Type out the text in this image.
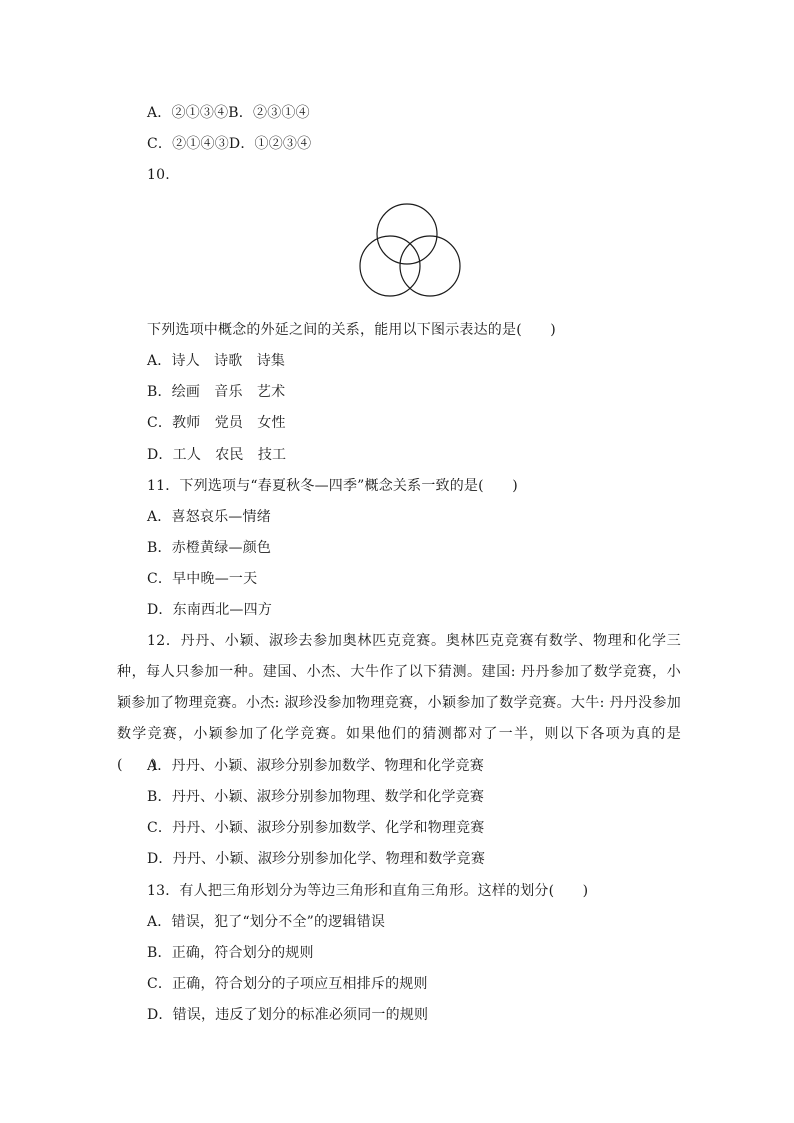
A．②①③④B．②③①④
C．②①④③D．①②③④
10.
下列选项中概念的外延之间的关系，能用以下图示表达的是(　　)
A．诗人　诗歌　诗集
B．绘画　音乐　艺术
C．教师　党员　女性
D．工人　农民　技工
11．下列选项与“春夏秋冬—四季”概念关系一致的是(　　)
A．喜怒哀乐—情绪
B．赤橙黄绿—颜色
C．早中晚—一天
D．东南西北—四方
12．丹丹、小颖、淑珍去参加奥林匹克竞赛。奥林匹克竞赛有数学、物理和化学三种，每人只参加一种。建国、小杰、大牛作了以下猜测。建国: 丹丹参加了数学竞赛，小颖参加了物理竞赛。小杰: 淑珍没参加物理竞赛，小颖参加了数学竞赛。大牛: 丹丹没参加数学竞赛，小颖参加了化学竞赛。如果他们的猜测都对了一半，则以下各项为真的是(　　)
A．丹丹、小颖、淑珍分别参加数学、物理和化学竞赛
B．丹丹、小颖、淑珍分别参加物理、数学和化学竞赛
C．丹丹、小颖、淑珍分别参加数学、化学和物理竞赛
D．丹丹、小颖、淑珍分别参加化学、物理和数学竞赛
13．有人把三角形划分为等边三角形和直角三角形。这样的划分(　　)
A．错误，犯了“划分不全”的逻辑错误
B．正确，符合划分的规则
C．正确，符合划分的子项应互相排斥的规则
D．错误，违反了划分的标准必须同一的规则
